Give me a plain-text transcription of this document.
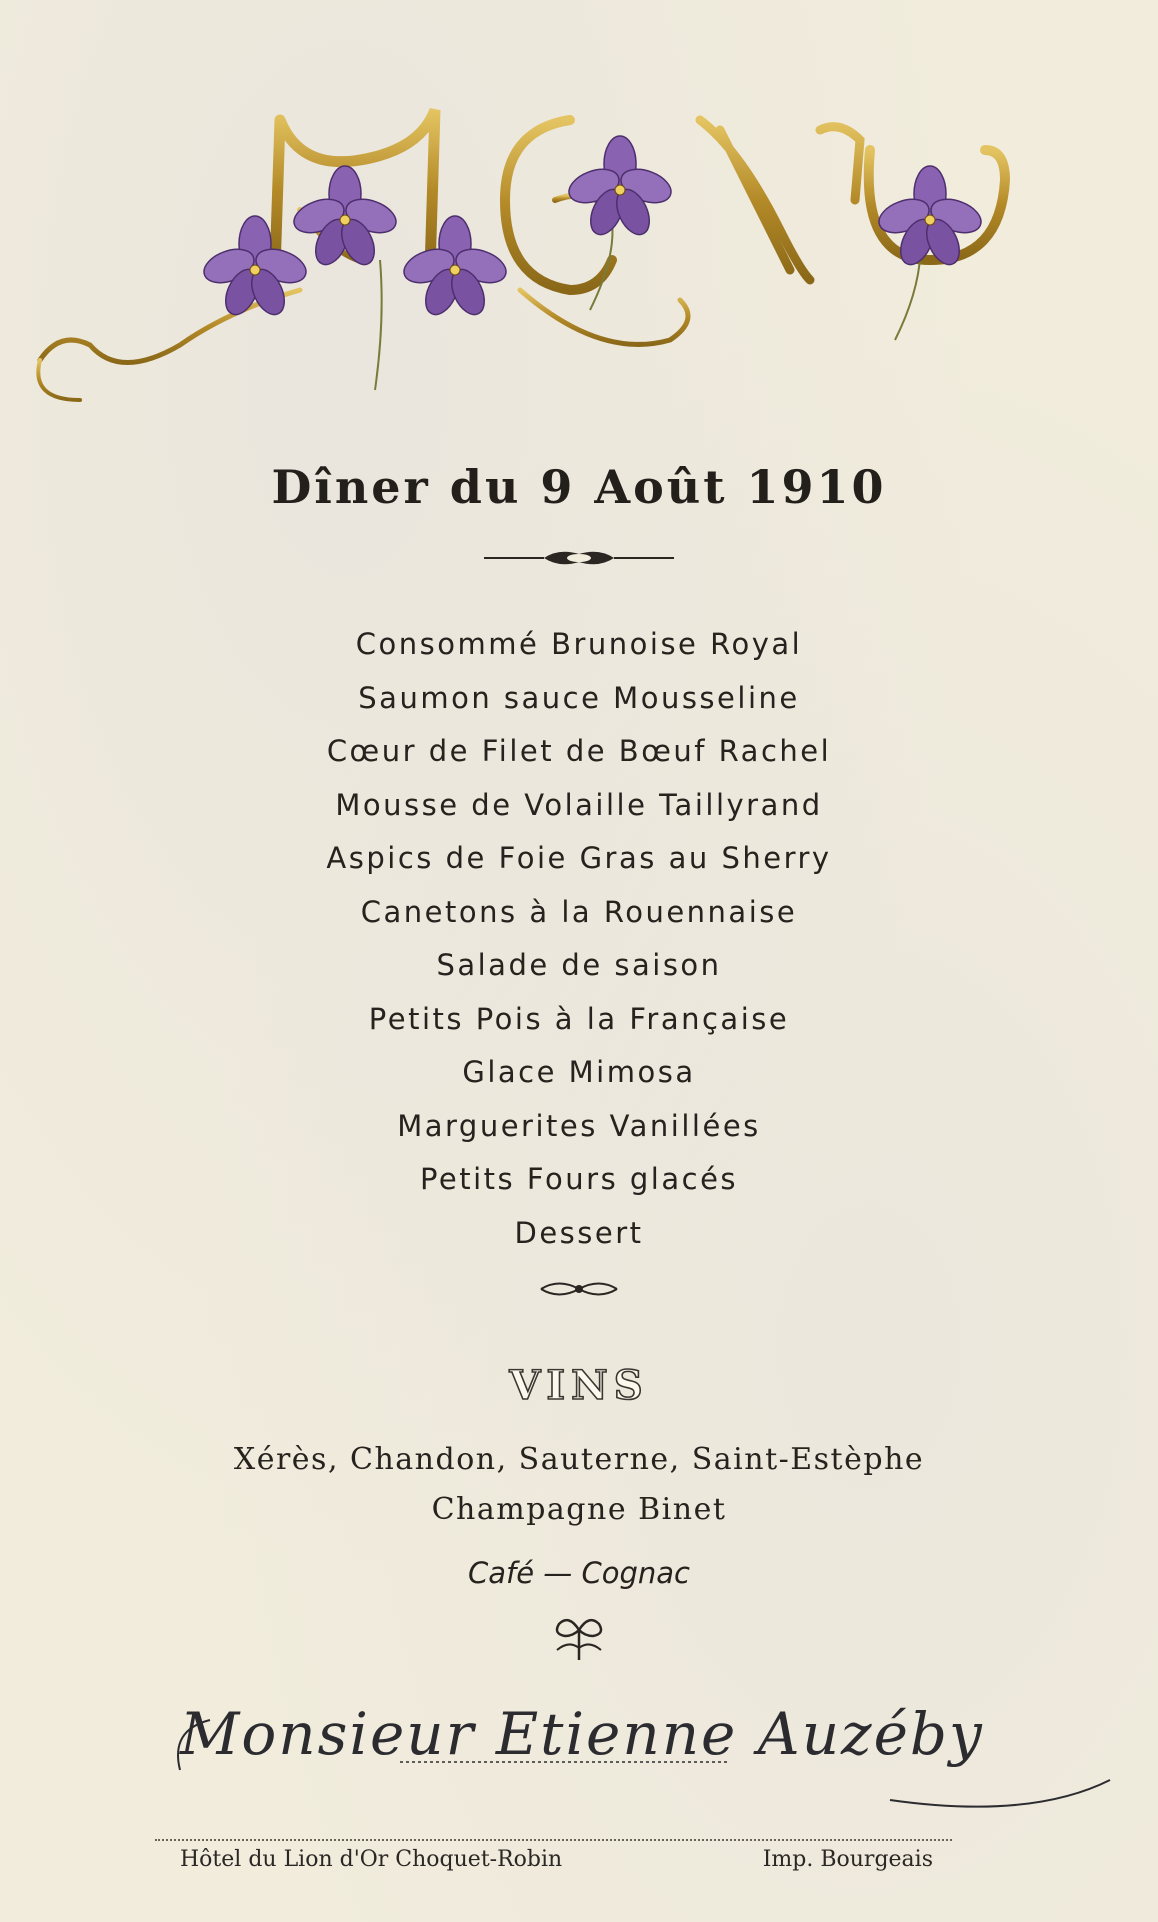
MENU
Dîner du 9 Août 1910
Consommé Brunoise Royal
Saumon sauce Mousseline
Cœur de Filet de Bœuf Rachel
Mousse de Volaille Taillyrand
Aspics de Foie Gras au Sherry
Canetons à la Rouennaise
Salade de saison
Petits Pois à la Française
Glace Mimosa
Marguerites Vanillées
Petits Fours glacés
Dessert
VINS
Xérès, Chandon, Sauterne, Saint-Estèphe
Champagne Binet
Café — Cognac
Monsieur Etienne Auzéby
Hôtel du Lion d'Or Choquet-Robin	Imp. Bourgeais
